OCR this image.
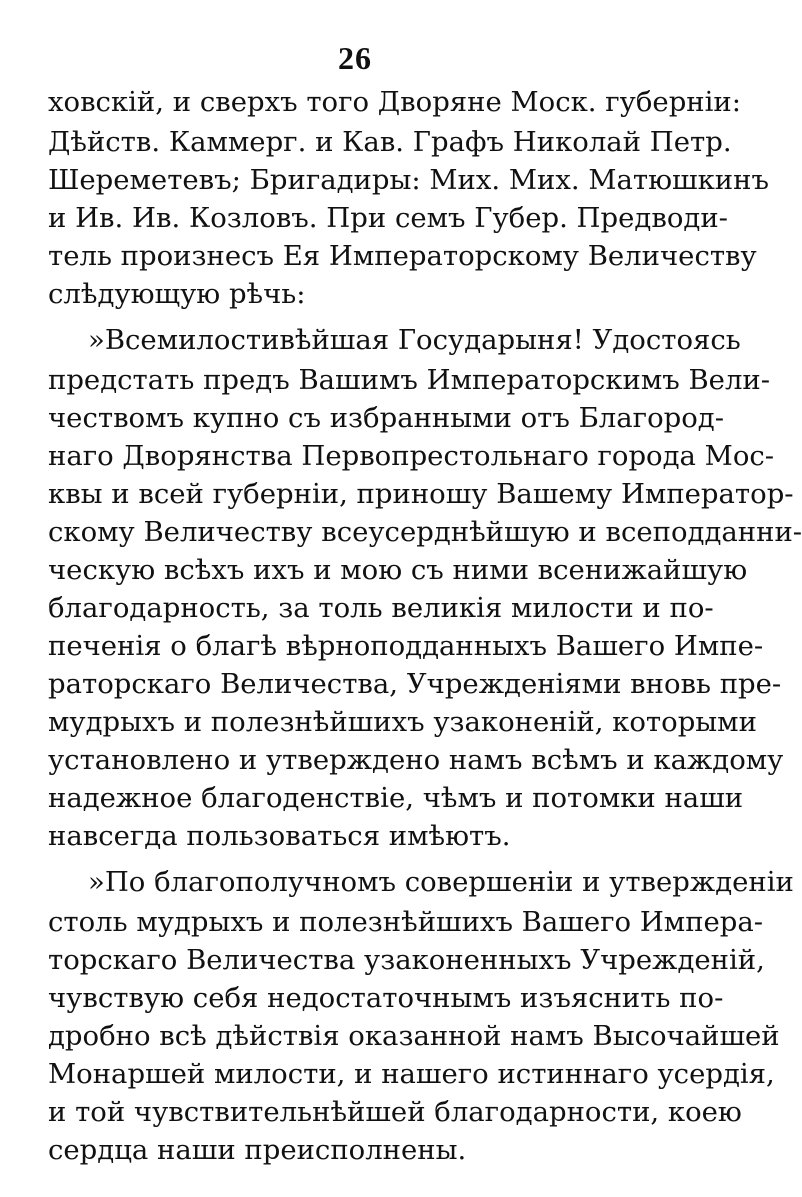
26
ховскій, и сверхъ того Дворяне Моск. губерніи:
Дѣйств. Каммерг. и Кав. Графъ Николай Петр.
Шереметевъ; Бригадиры: Мих. Мих. Матюшкинъ
и Ив. Ив. Козловъ. При семъ Губер. Предводи-
тель произнесъ Ея Императорскому Величеству
слѣдующую рѣчь:
»Всемилостивѣйшая Государыня! Удостоясь
предстать предъ Вашимъ Императорскимъ Вели-
чествомъ купно съ избранными отъ Благород-
наго Дворянства Первопрестольнаго города Мос-
квы и всей губерніи, приношу Вашему Император-
скому Величеству всеусерднѣйшую и всеподданни-
ческую всѣхъ ихъ и мою съ ними всенижайшую
благодарность, за толь великія милости и по-
печенія о благѣ вѣрноподданныхъ Вашего Импе-
раторскаго Величества, Учрежденіями вновь пре-
мудрыхъ и полезнѣйшихъ узаконеній, которыми
установлено и утверждено намъ всѣмъ и каждому
надежное благоденствіе, чѣмъ и потомки наши
навсегда пользоваться имѣютъ.
»По благополучномъ совершеніи и утвержденіи
столь мудрыхъ и полезнѣйшихъ Вашего Импера-
торскаго Величества узаконенныхъ Учрежденій,
чувствую себя недостаточнымъ изъяснить по-
дробно всѣ дѣйствія оказанной намъ Высочайшей
Монаршей милости, и нашего истиннаго усердія,
и той чувствительнѣйшей благодарности, коею
сердца наши преисполнены.
